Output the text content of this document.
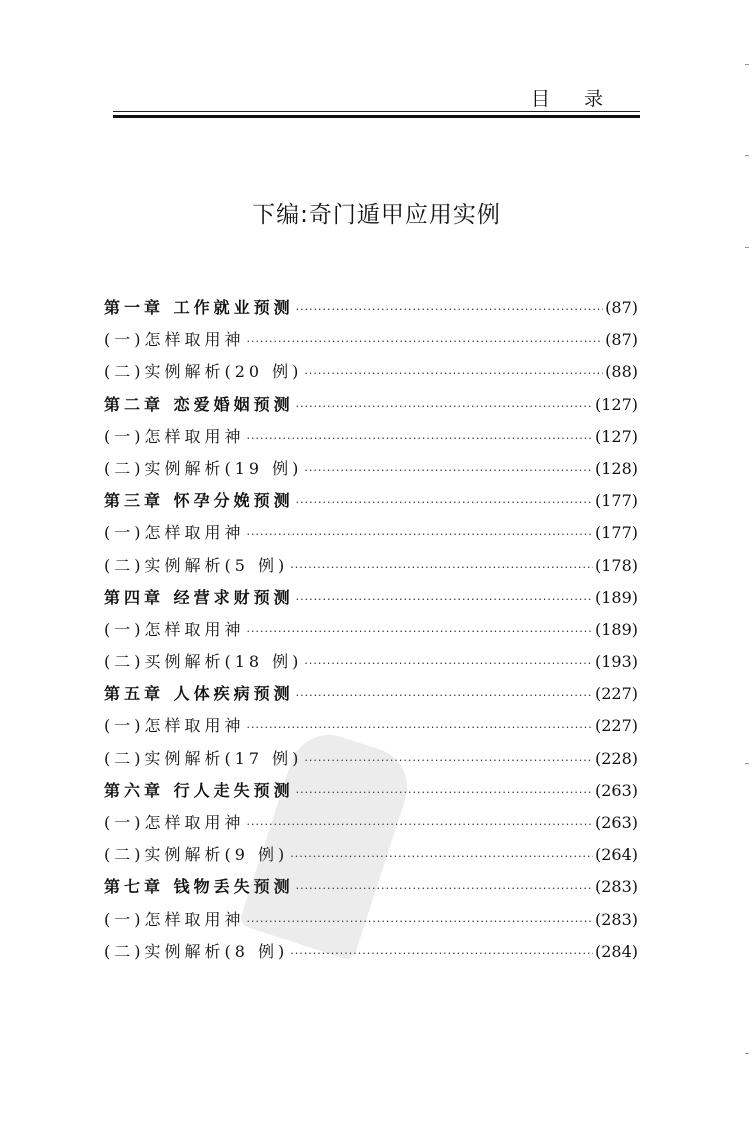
目 录
下编:奇门遁甲应用实例
第一章 工作就业预测 ·····	(87)
(一)怎样取用神 ·····	(87)
(二)实例解析(20 例) ·····	(88)
第二章 恋爱婚姻预测 ·····	(127)
(一)怎样取用神 ·····	(127)
(二)实例解析(19 例) ·····	(128)
第三章 怀孕分娩预测 ·····	(177)
(一)怎样取用神 ·····	(177)
(二)实例解析(5 例) ·····	(178)
第四章 经营求财预测 ·····	(189)
(一)怎样取用神 ·····	(189)
(二)买例解析(18 例) ·····	(193)
第五章 人体疾病预测 ·····	(227)
(一)怎样取用神 ·····	(227)
(二)实例解析(17 例) ·····	(228)
第六章 行人走失预测 ·····	(263)
(一)怎样取用神 ·····	(263)
(二)实例解析(9 例) ·····	(264)
第七章 钱物丢失预测 ·····	(283)
(一)怎样取用神 ·····	(283)
(二)实例解析(8 例) ·····	(284)
